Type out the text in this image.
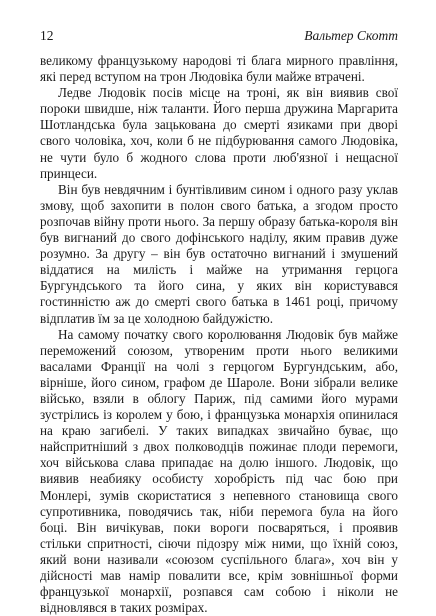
12	Вальтер Скотт

великому французькому народові ті блага мирного правління, які перед вступом на трон Людовіка були майже втрачені.

Ледве Людовік посів місце на троні, як він виявив свої пороки швидше, ніж таланти. Його перша дружина Маргарита Шотландська була зацькована до смерті язиками при дворі свого чоловіка, хоч, коли б не підбурювання самого Людовіка, не чути було б жодного слова проти люб'язної і нещасної принцеси.

Він був невдячним і бунтівливим сином і одного разу уклав змову, щоб захопити в полон свого батька, а згодом просто розпочав війну проти нього. За першу образу батька-короля він був вигнаний до свого дофінського наділу, яким правив дуже розумно. За другу – він був остаточно вигнаний і змушений віддатися на милість і майже на утримання герцога Бургундського та його сина, у яких він користувався гостинністю аж до смерті свого батька в 1461 році, причому відплатив їм за це холодною байдужістю.

На самому початку свого королювання Людовік був майже переможений союзом, утвореним проти нього великими васалами Франції на чолі з герцогом Бургундським, або, вірніше, його сином, графом де Шароле. Вони зібрали велике військо, взяли в облогу Париж, під самими його мурами зустрілись із королем у бою, і французька монархія опинилася на краю загибелі. У таких випадках звичайно буває, що найспритніший з двох полководців пожинає плоди перемоги, хоч військова слава припадає на долю іншого. Людовік, що виявив неабияку особисту хоробрість під час бою при Монлері, зумів скористатися з непевного становища свого супротивника, поводячись так, ніби перемога була на його боці. Він вичікував, поки вороги посваряться, і проявив стільки спритності, сіючи підозру між ними, що їхній союз, який вони називали «союзом суспільного блага», хоч він у дійсності мав намір повалити все, крім зовнішньої форми французької монархії, розпався сам собою і ніколи не відновлявся в таких розмірах.
